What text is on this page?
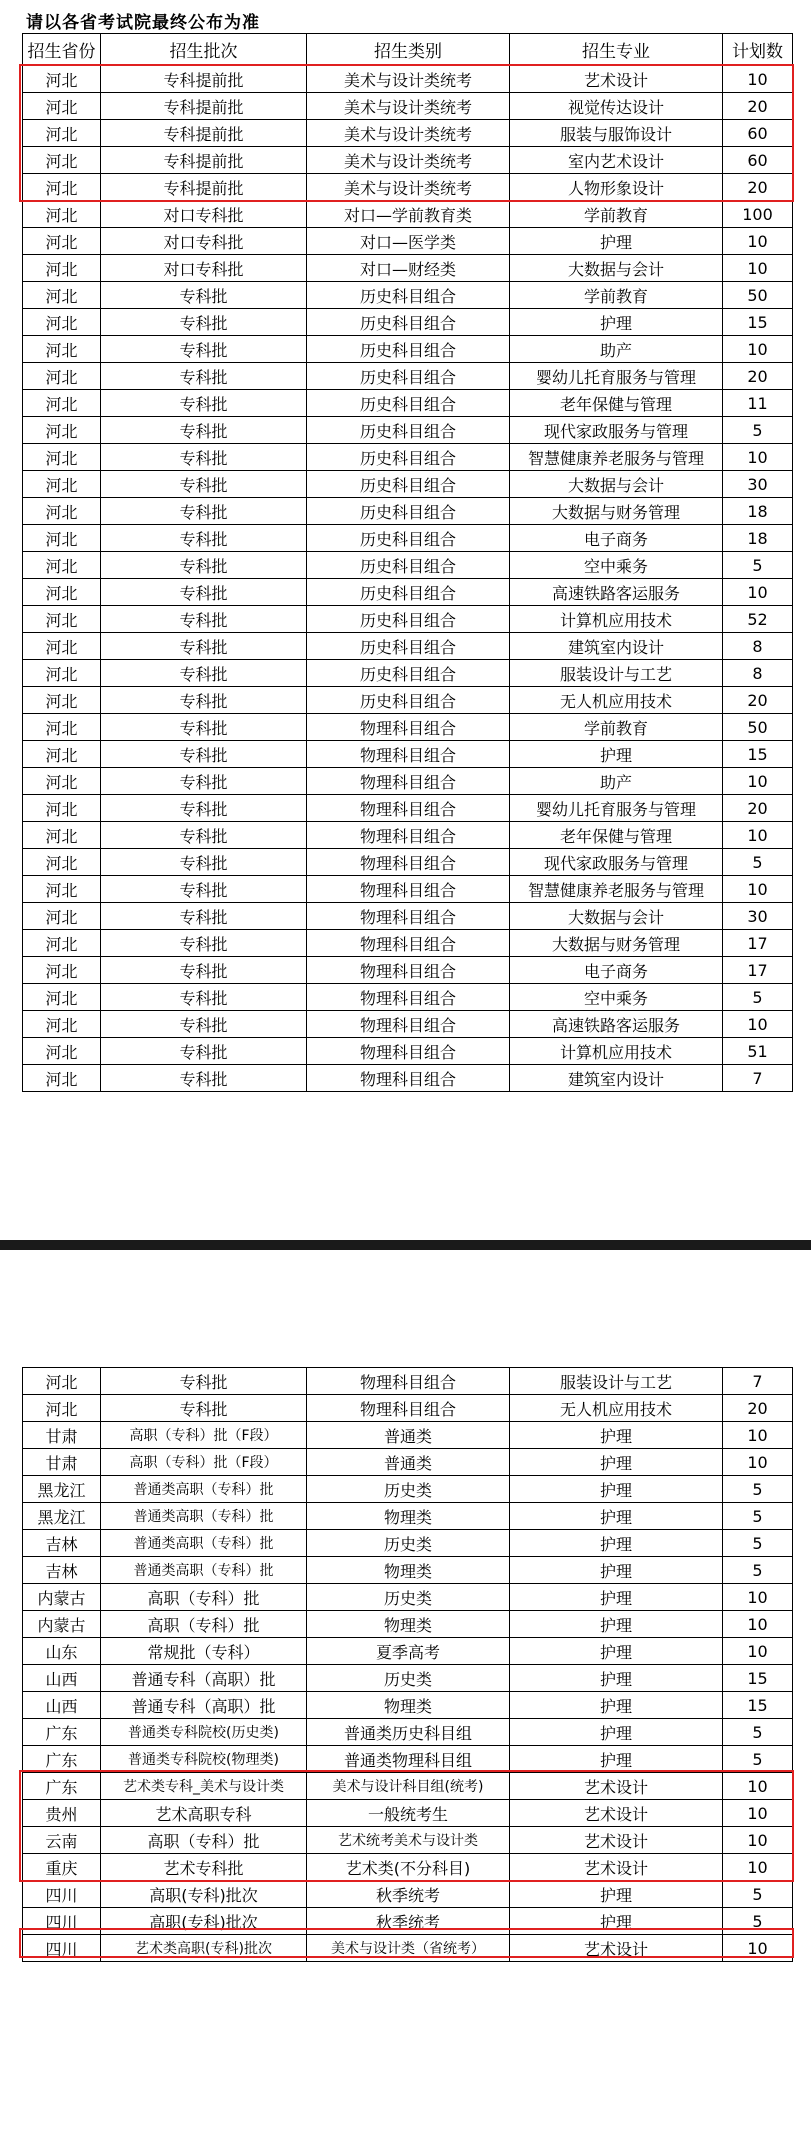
请以各省考试院最终公布为准
招生省份	招生批次	招生类别	招生专业	计划数
河北	专科提前批	美术与设计类统考	艺术设计	10
河北	专科提前批	美术与设计类统考	视觉传达设计	20
河北	专科提前批	美术与设计类统考	服装与服饰设计	60
河北	专科提前批	美术与设计类统考	室内艺术设计	60
河北	专科提前批	美术与设计类统考	人物形象设计	20
河北	对口专科批	对口—学前教育类	学前教育	100
河北	对口专科批	对口—医学类	护理	10
河北	对口专科批	对口—财经类	大数据与会计	10
河北	专科批	历史科目组合	学前教育	50
河北	专科批	历史科目组合	护理	15
河北	专科批	历史科目组合	助产	10
河北	专科批	历史科目组合	婴幼儿托育服务与管理	20
河北	专科批	历史科目组合	老年保健与管理	11
河北	专科批	历史科目组合	现代家政服务与管理	5
河北	专科批	历史科目组合	智慧健康养老服务与管理	10
河北	专科批	历史科目组合	大数据与会计	30
河北	专科批	历史科目组合	大数据与财务管理	18
河北	专科批	历史科目组合	电子商务	18
河北	专科批	历史科目组合	空中乘务	5
河北	专科批	历史科目组合	高速铁路客运服务	10
河北	专科批	历史科目组合	计算机应用技术	52
河北	专科批	历史科目组合	建筑室内设计	8
河北	专科批	历史科目组合	服装设计与工艺	8
河北	专科批	历史科目组合	无人机应用技术	20
河北	专科批	物理科目组合	学前教育	50
河北	专科批	物理科目组合	护理	15
河北	专科批	物理科目组合	助产	10
河北	专科批	物理科目组合	婴幼儿托育服务与管理	20
河北	专科批	物理科目组合	老年保健与管理	10
河北	专科批	物理科目组合	现代家政服务与管理	5
河北	专科批	物理科目组合	智慧健康养老服务与管理	10
河北	专科批	物理科目组合	大数据与会计	30
河北	专科批	物理科目组合	大数据与财务管理	17
河北	专科批	物理科目组合	电子商务	17
河北	专科批	物理科目组合	空中乘务	5
河北	专科批	物理科目组合	高速铁路客运服务	10
河北	专科批	物理科目组合	计算机应用技术	51
河北	专科批	物理科目组合	建筑室内设计	7
河北	专科批	物理科目组合	服装设计与工艺	7
河北	专科批	物理科目组合	无人机应用技术	20
甘肃	高职（专科）批（F段）	普通类	护理	10
甘肃	高职（专科）批（F段）	普通类	护理	10
黑龙江	普通类高职（专科）批	历史类	护理	5
黑龙江	普通类高职（专科）批	物理类	护理	5
吉林	普通类高职（专科）批	历史类	护理	5
吉林	普通类高职（专科）批	物理类	护理	5
内蒙古	高职（专科）批	历史类	护理	10
内蒙古	高职（专科）批	物理类	护理	10
山东	常规批（专科）	夏季高考	护理	10
山西	普通专科（高职）批	历史类	护理	15
山西	普通专科（高职）批	物理类	护理	15
广东	普通类专科院校(历史类)	普通类历史科目组	护理	5
广东	普通类专科院校(物理类)	普通类物理科目组	护理	5
广东	艺术类专科_美术与设计类	美术与设计科目组(统考)	艺术设计	10
贵州	艺术高职专科	一般统考生	艺术设计	10
云南	高职（专科）批	艺术统考美术与设计类	艺术设计	10
重庆	艺术专科批	艺术类(不分科目)	艺术设计	10
四川	高职(专科)批次	秋季统考	护理	5
四川	高职(专科)批次	秋季统考	护理	5
四川	艺术类高职(专科)批次	美术与设计类（省统考）	艺术设计	10
